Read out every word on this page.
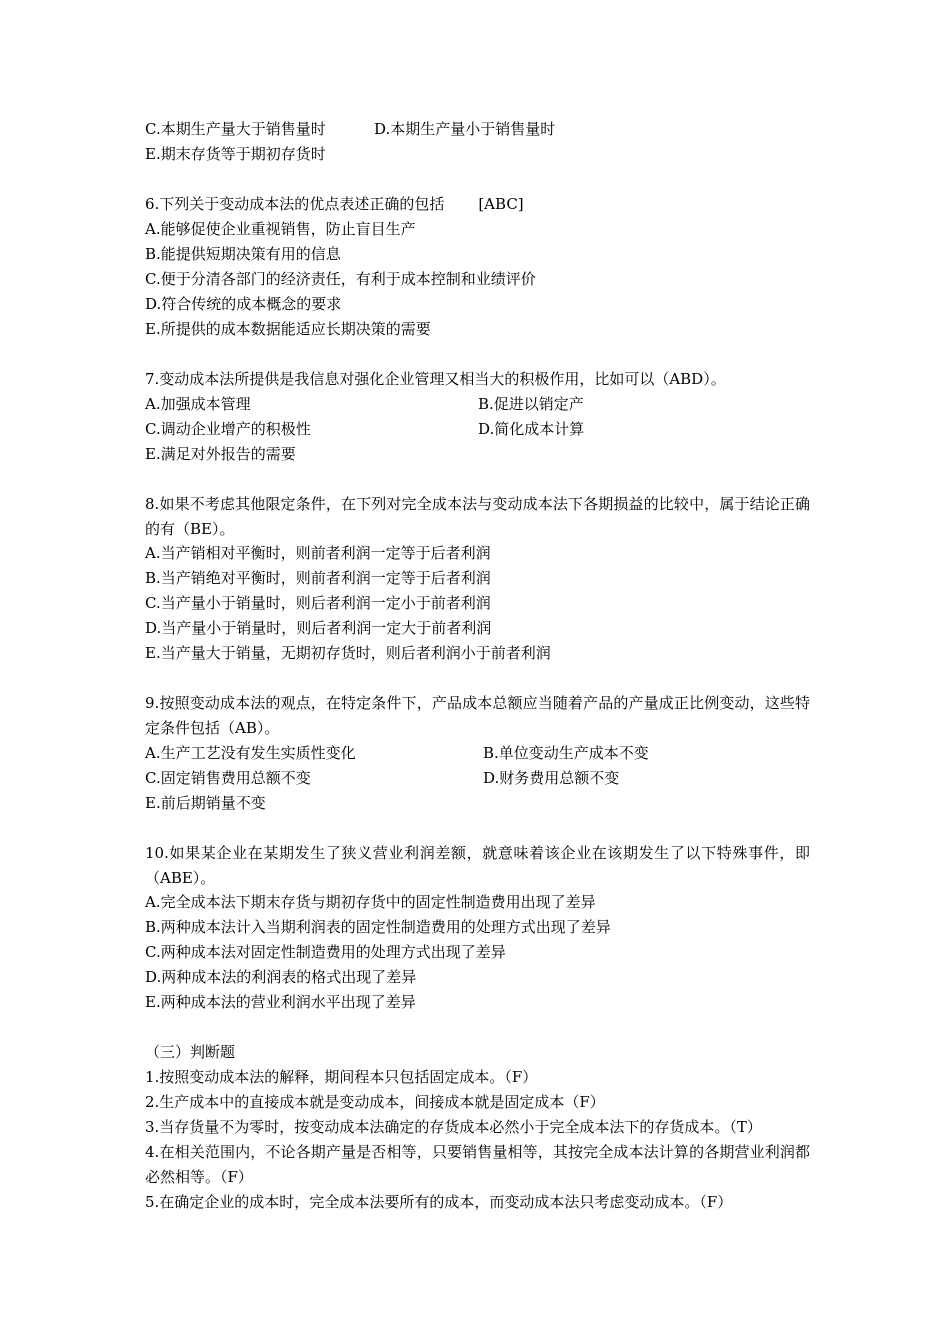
C.本期生产量大于销售量时	D.本期生产量小于销售量时
E.期末存货等于期初存货时
6.下列关于变动成本法的优点表述正确的包括 [ABC]
A.能够促使企业重视销售，防止盲目生产
B.能提供短期决策有用的信息
C.便于分清各部门的经济责任，有利于成本控制和业绩评价
D.符合传统的成本概念的要求
E.所提供的成本数据能适应长期决策的需要
7.变动成本法所提供是我信息对强化企业管理又相当大的积极作用，比如可以（ABD）。
A.加强成本管理	B.促进以销定产
C.调动企业增产的积极性	D.简化成本计算
E.满足对外报告的需要
8.如果不考虑其他限定条件，在下列对完全成本法与变动成本法下各期损益的比较中，属于结论正确的有（BE）。
A.当产销相对平衡时，则前者利润一定等于后者利润
B.当产销绝对平衡时，则前者利润一定等于后者利润
C.当产量小于销量时，则后者利润一定小于前者利润
D.当产量小于销量时，则后者利润一定大于前者利润
E.当产量大于销量，无期初存货时，则后者利润小于前者利润
9.按照变动成本法的观点，在特定条件下，产品成本总额应当随着产品的产量成正比例变动，这些特定条件包括（AB）。
A.生产工艺没有发生实质性变化	B.单位变动生产成本不变
C.固定销售费用总额不变	D.财务费用总额不变
E.前后期销量不变
10.如果某企业在某期发生了狭义营业利润差额，就意味着该企业在该期发生了以下特殊事件，即（ABE）。
A.完全成本法下期末存货与期初存货中的固定性制造费用出现了差异
B.两种成本法计入当期利润表的固定性制造费用的处理方式出现了差异
C.两种成本法对固定性制造费用的处理方式出现了差异
D.两种成本法的利润表的格式出现了差异
E.两种成本法的营业利润水平出现了差异
（三）判断题
1.按照变动成本法的解释，期间程本只包括固定成本。（F）
2.生产成本中的直接成本就是变动成本，间接成本就是固定成本（F）
3.当存货量不为零时，按变动成本法确定的存货成本必然小于完全成本法下的存货成本。（T）
4.在相关范围内，不论各期产量是否相等，只要销售量相等，其按完全成本法计算的各期营业利润都必然相等。（F）
5.在确定企业的成本时，完全成本法要所有的成本，而变动成本法只考虑变动成本。（F）
